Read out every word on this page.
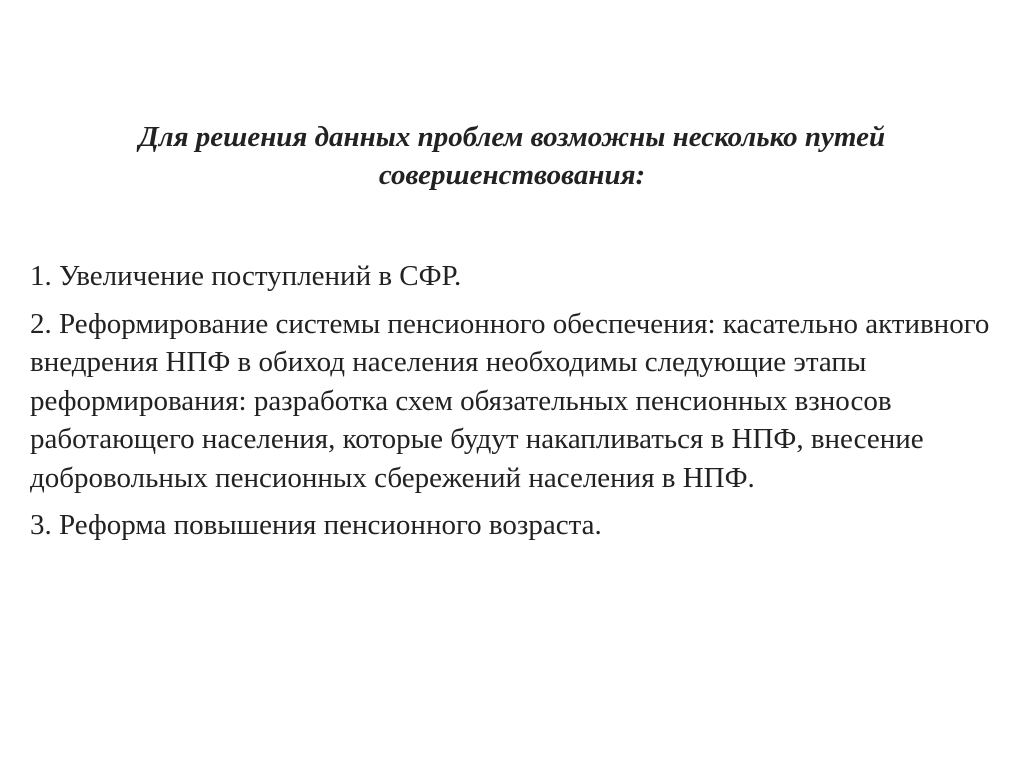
Для решения данных проблем возможны несколько путей совершенствования:
1. Увеличение поступлений в СФР.
2. Реформирование системы пенсионного обеспечения: касательно активного внедрения НПФ в обиход населения необходимы следующие этапы реформирования: разработка схем обязательных пенсионных взносов работающего населения, которые будут накапливаться в НПФ, внесение добровольных пенсионных сбережений населения в НПФ.
3. Реформа повышения пенсионного возраста.
